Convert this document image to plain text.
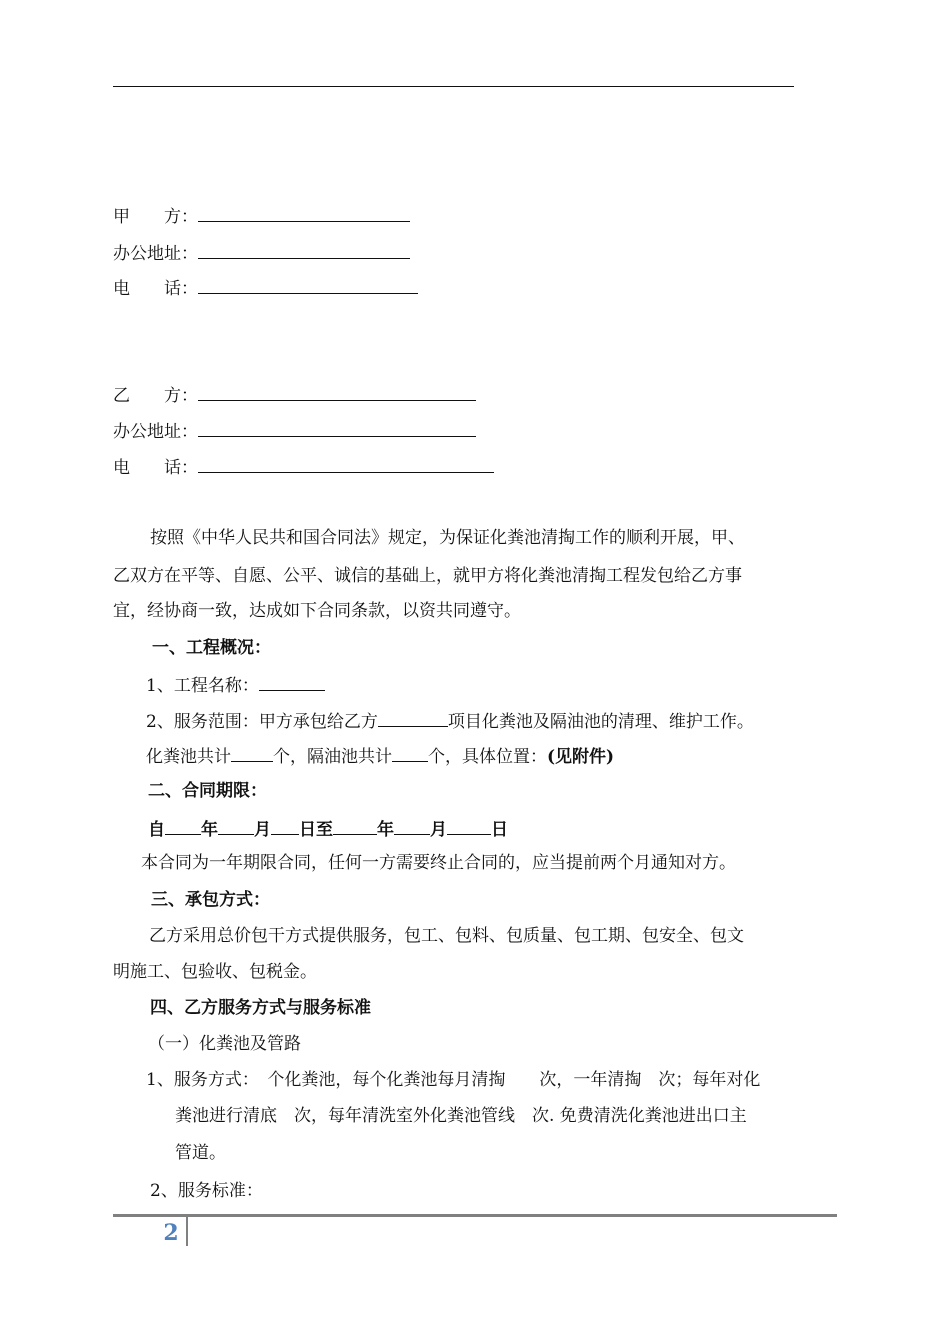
甲　　方：
办公地址：
电　　话：
乙　　方：
办公地址：
电　　话：
按照《中华人民共和国合同法》规定，为保证化粪池清掏工作的顺利开展，甲、
乙双方在平等、自愿、公平、诚信的基础上，就甲方将化粪池清掏工程发包给乙方事
宜，经协商一致，达成如下合同条款，以资共同遵守。
一、工程概况：
1、工程名称：
2、服务范围：甲方承包给乙方	项目化粪池及隔油池的清理、维护工作。
化粪池共计 个，隔油池共计 个，具体位置：(见附件)
二、合同期限：
自 年 月 日至	年 月	日
本合同为一年期限合同，任何一方需要终止合同的，应当提前两个月通知对方。
三、承包方式：
乙方采用总价包干方式提供服务，包工、包料、包质量、包工期、包安全、包文
明施工、包验收、包税金。
四、乙方服务方式与服务标准
（一）化粪池及管路
1、服务方式：　个化粪池，每个化粪池每月清掏　　次，一年清掏　次；每年对化
粪池进行清底　次，每年清洗室外化粪池管线　次. 免费清洗化粪池进出口主
管道。
2、服务标准：
2
